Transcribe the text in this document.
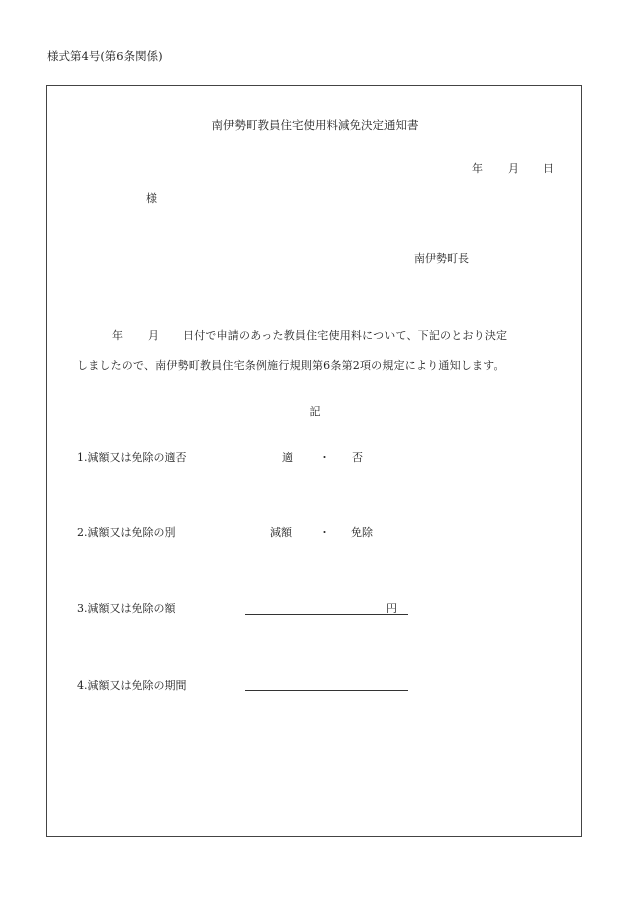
様式第4号(第6条関係)
南伊勢町教員住宅使用料減免決定通知書
年 月 日
様
南伊勢町長
年 月 日付で申請のあった教員住宅使用料について、下記のとおり決定
しましたので、南伊勢町教員住宅条例施行規則第6条第2項の規定により通知します。
記
1.減額又は免除の適否	適 ・ 否
2.減額又は免除の別	減額 ・ 免除
3.減額又は免除の額	円
4.減額又は免除の期間
